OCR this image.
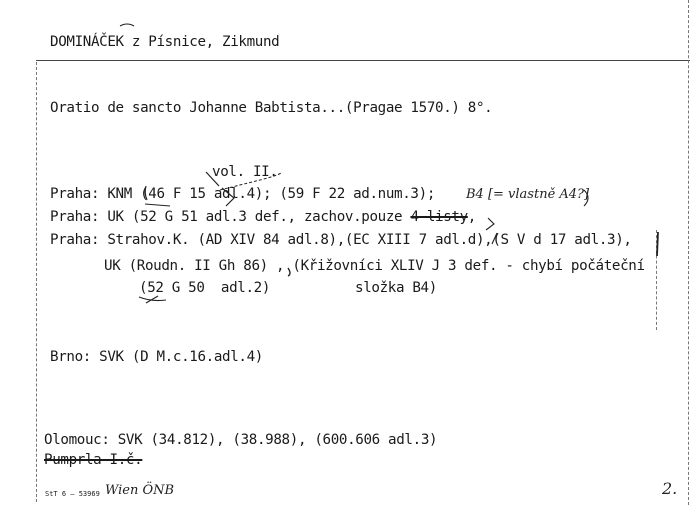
DOMINÁČEK z Písnice, Zikmund
Oratio de sancto Johanne Babtista...(Pragae 1570.) 8°.
vol. II.
Praha: KNM (46 F 15 adl.4); (59 F 22 ad.num.3); B4 [= vlastně A4?]
Praha: UK (52 G 51 adl.3 def., zachov.pouze 4 listy,
Praha: Strahov.K. (AD XIV 84 adl.8),(EC XIII 7 adl.d),(S V d 17 adl.3),
UK (Roudn. II Gh 86) , (Křižovníci XLIV J 3 def. - chybí počáteční
(52 G 50  adl.2)	složka B4)
Brno: SVK (D M.c.16.adl.4)
Olomouc: SVK (34.812), (38.988), (600.606 adl.3)
Pumprla I.č.
StT 6 — 53969 Wien ÖNB	2.
